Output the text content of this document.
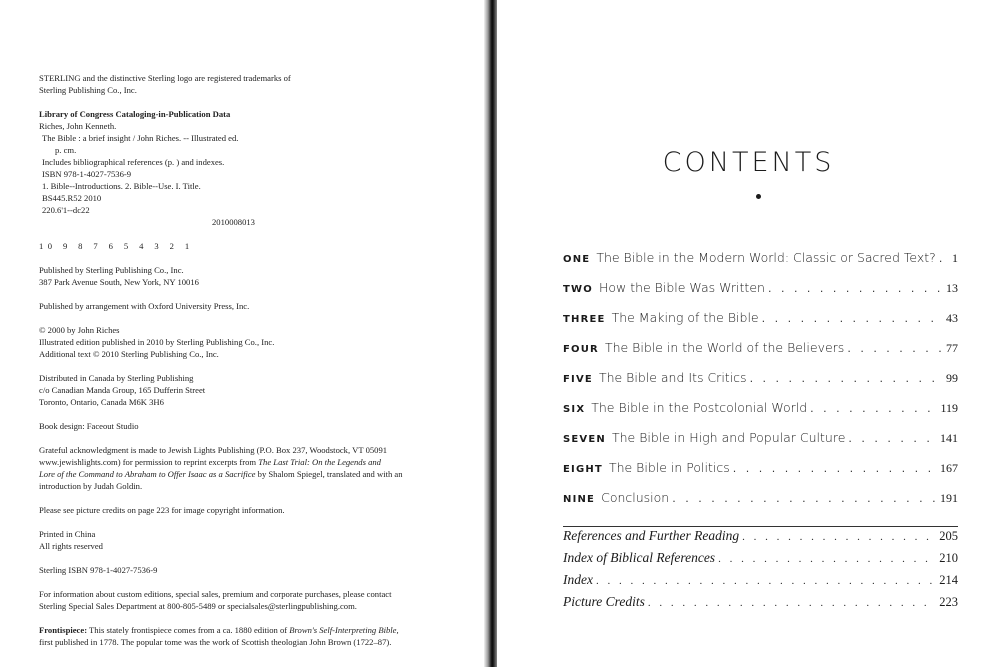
STERLING and the distinctive Sterling logo are registered trademarks of
Sterling Publishing Co., Inc.
Library of Congress Cataloging-in-Publication Data
Riches, John Kenneth.
The Bible : a brief insight / John Riches. -- Illustrated ed.
p. cm.
Includes bibliographical references (p. ) and indexes.
ISBN 978-1-4027-7536-9
1. Bible--Introductions. 2. Bible--Use. I. Title.
BS445.R52 2010
220.6'1--dc22
2010008013
10 9 8 7 6 5 4 3 2 1
Published by Sterling Publishing Co., Inc.
387 Park Avenue South, New York, NY 10016
Published by arrangement with Oxford University Press, Inc.
© 2000 by John Riches
Illustrated edition published in 2010 by Sterling Publishing Co., Inc.
Additional text © 2010 Sterling Publishing Co., Inc.
Distributed in Canada by Sterling Publishing
c/o Canadian Manda Group, 165 Dufferin Street
Toronto, Ontario, Canada M6K 3H6
Book design: Faceout Studio
Grateful acknowledgment is made to Jewish Lights Publishing (P.O. Box 237, Woodstock, VT 05091
www.jewishlights.com) for permission to reprint excerpts from The Last Trial: On the Legends and
Lore of the Command to Abraham to Offer Isaac as a Sacrifice by Shalom Spiegel, translated and with an
introduction by Judah Goldin.
Please see picture credits on page 223 for image copyright information.
Printed in China
All rights reserved
Sterling ISBN 978-1-4027-7536-9
For information about custom editions, special sales, premium and corporate purchases, please contact
Sterling Special Sales Department at 800-805-5489 or specialsales@sterlingpublishing.com.
Frontispiece: This stately frontispiece comes from a ca. 1880 edition of Brown's Self-Interpreting Bible,
first published in 1778. The popular tome was the work of Scottish theologian John Brown (1722–87).
CONTENTS
ONE The Bible in the Modern World: Classic or Sacred Text? . . . 1
TWO How the Bible Was Written . . .	13
THREE The Making of the Bible . . .	43
FOUR The Bible in the World of the Believers . . .	77
FIVE The Bible and Its Critics . . .	99
SIX The Bible in the Postcolonial World . . .	119
SEVEN The Bible in High and Popular Culture . . .	141
EIGHT The Bible in Politics . . .	167
NINE Conclusion . . .	191
References and Further Reading . . .	205
Index of Biblical References . . .	210
Index . . .	214
Picture Credits . . .	223
